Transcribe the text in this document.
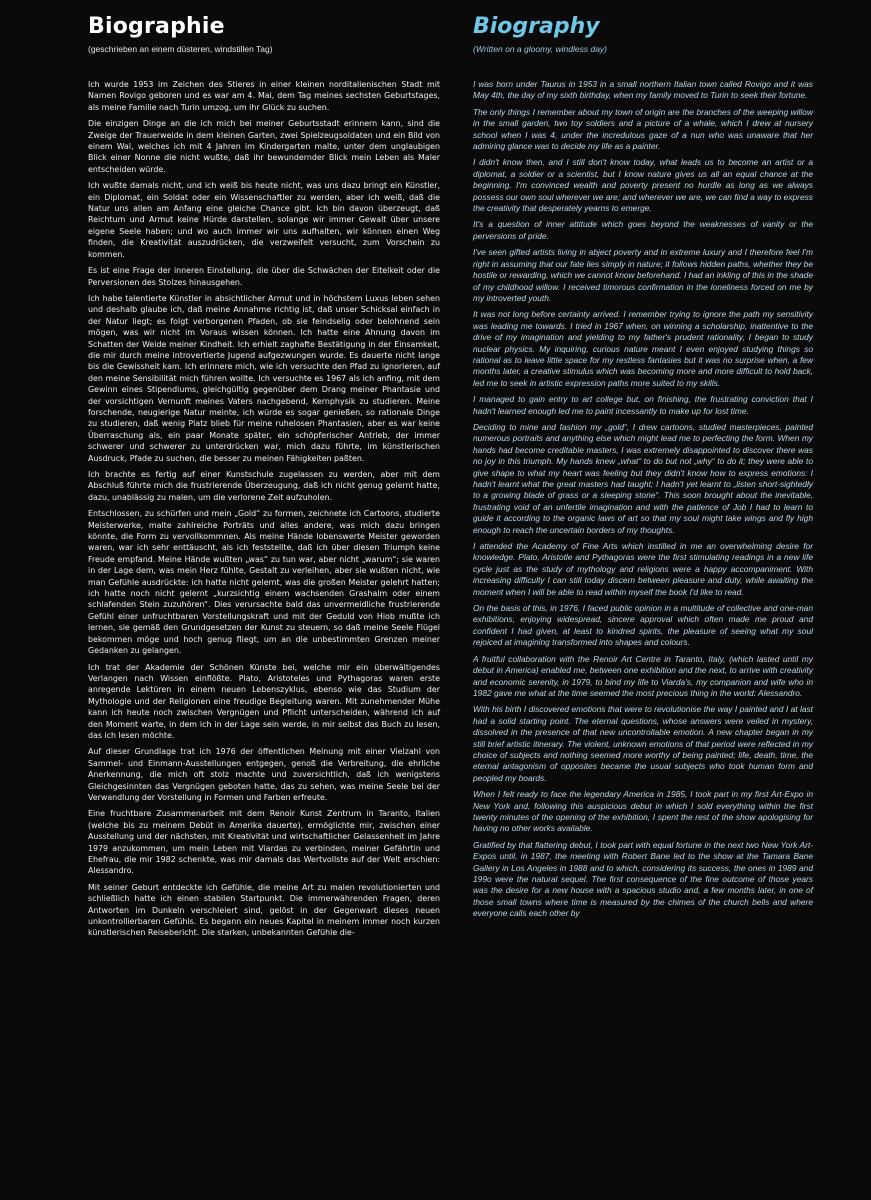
Biographie
(geschrieben an einem düsteren, windstillen Tag)

Ich wurde 1953 im Zeichen des Stieres in einer kleinen norditalienischen Stadt mit Namen Rovigo geboren und es war am 4. Mai, dem Tag meines sechsten Geburtstages, als meine Familie nach Turin umzog, um ihr Glück zu suchen.

Die einzigen Dinge an die ich mich bei meiner Geburtsstadt erinnern kann, sind die Zweige der Trauerweide in dem kleinen Garten, zwei Spielzeugsoldaten und ein Bild von einem Wal, welches ich mit 4 Jahren im Kindergarten malte, unter dem unglaubigen Blick einer Nonne die nicht wußte, daß ihr bewundernder Blick mein Leben als Maler entscheiden würde.

Ich wußte damals nicht, und ich weiß bis heute nicht, was uns dazu bringt ein Künstler, ein Diplomat, ein Soldat oder ein Wissenschaftler zu werden, aber ich weiß, daß die Natur uns allen am Anfang eine gleiche Chance gibt. Ich bin davon überzeugt, daß Reichtum und Armut keine Hürde darstellen, solange wir immer Gewalt über unsere eigene Seele haben; und wo auch immer wir uns aufhalten, wir können einen Weg finden, die Kreativität auszudrücken, die verzweifelt versucht, zum Vorschein zu kommen.

Es ist eine Frage der inneren Einstellung, die über die Schwächen der Eitelkeit oder die Perversionen des Stolzes hinausgehen.

Ich habe talentierte Künstler in absichtlicher Armut und in höchstem Luxus leben sehen und deshalb glaube ich, daß meine Annahme richtig ist, daß unser Schicksal einfach in der Natur liegt; es folgt verborgenen Pfaden, ob sie feindselig oder belohnend sein mögen, was wir nicht im Voraus wissen können. Ich hatte eine Ahnung davon im Schatten der Weide meiner Kindheit. Ich erhielt zaghafte Bestätigung in der Einsamkeit, die mir durch meine introvertierte Jugend aufgezwungen wurde. Es dauerte nicht lange bis die Gewissheit kam. Ich erinnere mich, wie ich versuchte den Pfad zu ignorieren, auf den meine Sensibilität mich führen wollte. Ich versuchte es 1967 als ich anfing, mit dem Gewinn eines Stipendiums, gleichgültig gegenüber dem Drang meiner Phantasie und der vorsichtigen Vernunft meines Vaters nachgebend, Kernphysik zu studieren. Meine forschende, neugierige Natur meinte, ich würde es sogar genießen, so rationale Dinge zu studieren, daß wenig Platz blieb für meine ruhelosen Phantasien, aber es war keine Überraschung als, ein paar Monate später, ein schöpferischer Antrieb, der immer schwerer und schwerer zu unterdrücken war, mich dazu führte, im künstlerischen Ausdruck, Pfade zu suchen, die besser zu meinen Fähigkeiten paßten.

Ich brachte es fertig auf einer Kunstschule zugelassen zu werden, aber mit dem Abschluß führte mich die frustrierende Überzeugung, daß ich nicht genug gelernt hatte, dazu, unablässig zu malen, um die verlorene Zeit aufzuholen.

Entschlossen, zu schürfen und mein „Gold“ zu formen, zeichnete ich Cartoons, studierte Meisterwerke, malte zahlreiche Porträts und alles andere, was mich dazu bringen könnte, die Form zu vervollkommnen. Als meine Hände lobenswerte Meister geworden waren, war ich sehr enttäuscht, als ich feststellte, daß ich über diesen Triumph keine Freude empfand. Meine Hände wußten „was“ zu tun war, aber nicht „warum“; sie waren in der Lage dem, was mein Herz fühlte, Gestalt zu verleihen, aber sie wußten nicht, wie man Gefühle ausdrückte: ich hatte nicht gelernt, was die großen Meister gelehrt hatten; ich hatte noch nicht gelernt „kurzsichtig einem wachsenden Grashalm oder einem schlafenden Stein zuzuhören“. Dies verursachte bald das unvermeidliche frustrierende Gefühl einer unfruchtbaren Vorstellungskraft und mit der Geduld von Hiob mußte ich lernen, sie gemäß den Grundgesetzen der Kunst zu steuern, so daß meine Seele Flügel bekommen möge und hoch genug fliegt, um an die unbestimmten Grenzen meiner Gedanken zu gelangen.

Ich trat der Akademie der Schönen Künste bei, welche mir ein überwältigendes Verlangen nach Wissen einflößte. Plato, Aristoteles und Pythagoras waren erste anregende Lektüren in einem neuen Lebenszyklus, ebenso wie das Studium der Mythologie und der Religionen eine freudige Begleitung waren. Mit zunehmender Mühe kann ich heute noch zwischen Vergnügen und Pflicht unterscheiden, während ich auf den Moment warte, in dem ich in der Lage sein werde, in mir selbst das Buch zu lesen, das ich lesen möchte.

Auf dieser Grundlage trat ich 1976 der öffentlichen Meinung mit einer Vielzahl von Sammel- und Einmann-Ausstellungen entgegen, genoß die Verbreitung, die ehrliche Anerkennung, die mich oft stolz machte und zuversichtlich, daß ich wenigstens Gleichgesinnten das Vergnügen geboten hatte, das zu sehen, was meine Seele bei der Verwandlung der Vorstellung in Formen und Farben erfreute.

Eine fruchtbare Zusammenarbeit mit dem Renoir Kunst Zentrum in Taranto, Italien (welche bis zu meinem Debüt in Amerika dauerte), ermöglichte mir, zwischen einer Ausstellung und der nächsten, mit Kreativität und wirtschaftlicher Gelassenheit im Jahre 1979 anzukommen, um mein Leben mit Viardas zu verbinden, meiner Gefährtin und Ehefrau, die mir 1982 schenkte, was mir damals das Wertvollste auf der Welt erschien: Alessandro.

Mit seiner Geburt entdeckte ich Gefühle, die meine Art zu malen revolutionierten und schließlich hatte ich einen stabilen Startpunkt. Die immerwährenden Fragen, deren Antworten im Dunkeln verschleiert sind, gelöst in der Gegenwart dieses neuen unkontrollierbaren Gefühls. Es begann ein neues Kapitel in meinem immer noch kurzen künstlerischen Reisebericht. Die starken, unbekannten Gefühle die-

Biography
(Written on a gloomy, windless day)

I was born under Taurus in 1953 in a small northern Italian town called Rovigo and it was May 4th, the day of my sixth birthday, when my family moved to Turin to seek their fortune.

The only things I remember about my town of origin are the branches of the weeping willow in the small garden, two toy soldiers and a picture of a whale, which I drew at nursery school when I was 4, under the incredulous gaze of a nun who was unaware that her admiring glance was to decide my life as a painter.

I didn't know then, and I still don't know today, what leads us to become an artist or a diplomat, a soldier or a scientist, but I know nature gives us all an equal chance at the beginning. I'm convinced wealth and poverty present no hurdle as long as we always possess our own soul wherever we are; and wherever we are, we can find a way to express the creativity that desperately yearns to emerge.

It's a question of inner attitude which goes beyond the weaknesses of vanity or the perversions of pride.

I've seen gifted artists living in abject poverty and in extreme luxury and I therefore feel I'm right in assuming that our fate lies simply in nature; it follows hidden paths, whether they be hostile or rewarding, which we cannot know beforehand. I had an inkling of this in the shade of my childhood willow. I received timorous confirmation in the loneliness forced on me by my introverted youth.

It was not long before certainty arrived. I remember trying to ignore the path my sensitivity was leading me towards. I tried in 1967 when, on winning a scholarship, inattentive to the drive of my imagination and yielding to my father's prudent rationality, I began to study nuclear physics. My inquiring, curious nature meant I even enjoyed studying things so rational as to leave little space for my restless fantasies but it was no surprise when, a few months later, a creative stimulus which was becoming more and more difficult to hold back, led me to seek in artistic expression paths more suited to my skills.

I managed to gain entry to art college but, on finishing, the frustrating conviction that I hadn't learned enough led me to paint incessantly to make up for lost time.

Deciding to mine and fashion my „gold“, I drew cartoons, studied masterpieces, painted numerous portraits and anything else which might lead me to perfecting the form. When my hands had become creditable masters, I was extremely disappointed to discover there was no joy in this triumph. My hands knew „what“ to do but not „why“ to do it; they were able to give shape to what my heart was feeling but they didn't know how to express emotions: I hadn't learnt what the great masters had taught; I hadn't yet learnt to „listen short-sightedly to a growing blade of grass or a sleeping stone“. This soon brought about the inevitable, frustrating void of an unfertile imagination and with the patience of Job I had to learn to guide it according to the organic laws of art so that my soul might take wings and fly high enough to reach the uncertain borders of my thoughts.

I attended the Academy of Fine Arts which instilled in me an overwhelming desire for knowledge. Plato, Aristotle and Pythagoras were the first stimulating readings in a new life cycle just as the study of mythology and religions were a happy accompaniment. With increasing difficulty I can still today discern between pleasure and duty, while awaiting the moment when I will be able to read within myself the book I'd like to read.

On the basis of this, in 1976, I faced public opinion in a multitude of collective and one-man exhibitions, enjoying widespread, sincere approval which often made me proud and confident I had given, at least to kindred spirits, the pleasure of seeing what my soul rejoiced at imagining transformed into shapes and colours.

A fruitful collaboration with the Renoir Art Centre in Taranto, Italy, (which lasted until my debut in America) enabled me, between one exhibition and the next, to arrive with creativity and economic serenity, in 1979, to bind my life to Viarda's, my companion and wife who in 1982 gave me what at the time seemed the most precious thing in the world: Alessandro.

With his birth I discovered emotions that were to revolutionise the way I painted and I at last had a solid starting point. The eternal questions, whose answers were veiled in mystery, dissolved in the presence of that new uncontrollable emotion. A new chapter began in my still brief artistic itinerary. The violent, unknown emotions of that period were reflected in my choice of subjects and nothing seemed more worthy of being painted; life, death, time, the eternal antagonism of opposites became the usual subjects who took human form and peopled my boards.

When I felt ready to face the legendary America in 1985, I took part in my first Art-Expo in New York and, following this auspicious debut in which I sold everything within the first twenty minutes of the opening of the exhibition, I spent the rest of the show apologising for having no other works available.

Gratified by that flattering debut, I took part with equal fortune in the next two New York Art-Expos until, in 1987, the meeting with Robert Bane led to the show at the Tamara Bane Gallery in Los Angeles in 1988 and to which, considering its success, the ones in 1989 and 199o were the natural sequel. The first consequence of the fine outcome of those years was the desire for a new house with a spacious studio and, a few months later, in one of those small towns where time is measured by the chimes of the church bells and where everyone calls each other by
